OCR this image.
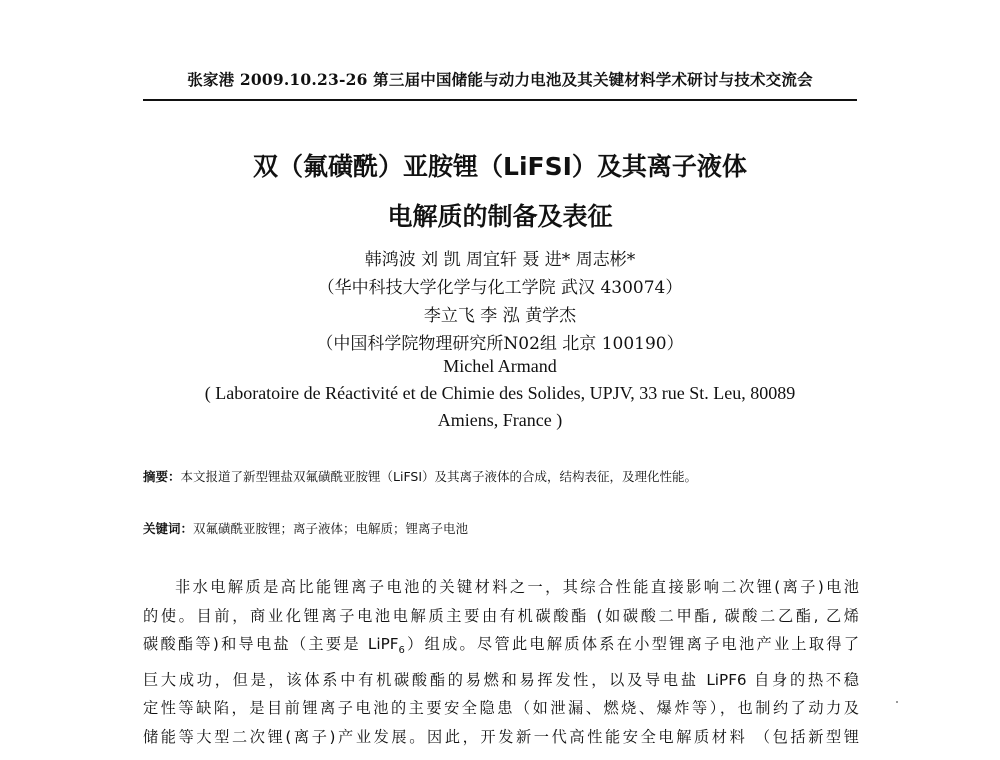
张家港 2009.10.23-26 第三届中国储能与动力电池及其关键材料学术研讨与技术交流会
双（氟磺酰）亚胺锂（LiFSI）及其离子液体
电解质的制备及表征
韩鸿波 刘 凯 周宜轩 聂 进* 周志彬*
（华中科技大学化学与化工学院 武汉 430074）
李立飞 李 泓 黄学杰
（中国科学院物理研究所N02组 北京 100190）
Michel Armand
( Laboratoire de Réactivité et de Chimie des Solides, UPJV, 33 rue St. Leu, 80089
Amiens, France )
摘要：本文报道了新型锂盐双氟磺酰亚胺锂（LiFSI）及其离子液体的合成，结构表征，及理化性能。
关键词：双氟磺酰亚胺锂；离子液体；电解质；锂离子电池
非水电解质是高比能锂离子电池的关键材料之一，其综合性能直接影响二次锂(离子)电池
的使。目前，商业化锂离子电池电解质主要由有机碳酸酯 (如碳酸二甲酯, 碳酸二乙酯, 乙烯
碳酸酯等)和导电盐（主要是 LiPF$_6$）组成。尽管此电解质体系在小型锂离子电池产业上取得了
巨大成功，但是，该体系中有机碳酸酯的易燃和易挥发性，以及导电盐 LiPF6 自身的热不稳
定性等缺陷，是目前锂离子电池的主要安全隐患（如泄漏、燃烧、爆炸等），也制约了动力及
储能等大型二次锂(离子)产业发展。因此，开发新一代高性能安全电解质材料 （包括新型锂
